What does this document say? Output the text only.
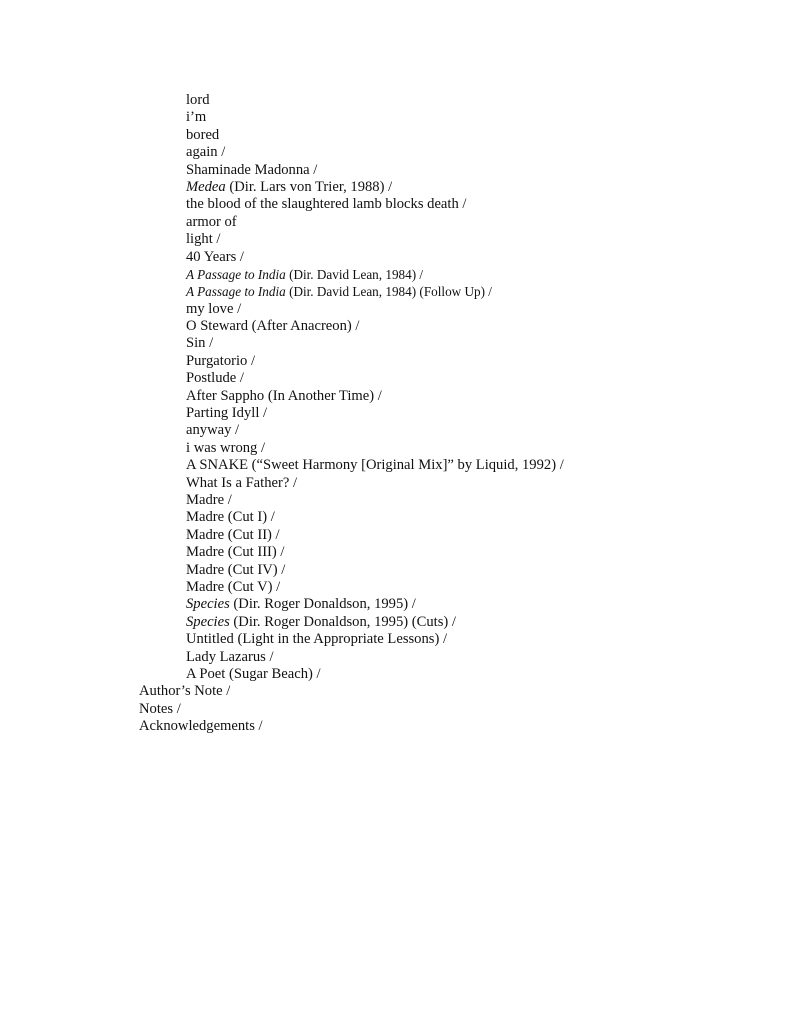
lord
i’m
bored
again /
Shaminade Madonna /
Medea (Dir. Lars von Trier, 1988) /
the blood of the slaughtered lamb blocks death /
armor of
light /
40 Years /
A Passage to India (Dir. David Lean, 1984) /
A Passage to India (Dir. David Lean, 1984) (Follow Up) /
my love /
O Steward (After Anacreon) /
Sin /
Purgatorio /
Postlude /
After Sappho (In Another Time) /
Parting Idyll /
anyway /
i was wrong /
A SNAKE (“Sweet Harmony [Original Mix]” by Liquid, 1992) /
What Is a Father? /
Madre /
Madre (Cut I) /
Madre (Cut II) /
Madre (Cut III) /
Madre (Cut IV) /
Madre (Cut V) /
Species (Dir. Roger Donaldson, 1995) /
Species (Dir. Roger Donaldson, 1995) (Cuts) /
Untitled (Light in the Appropriate Lessons) /
Lady Lazarus /
A Poet (Sugar Beach) /
Author’s Note /
Notes /
Acknowledgements /
